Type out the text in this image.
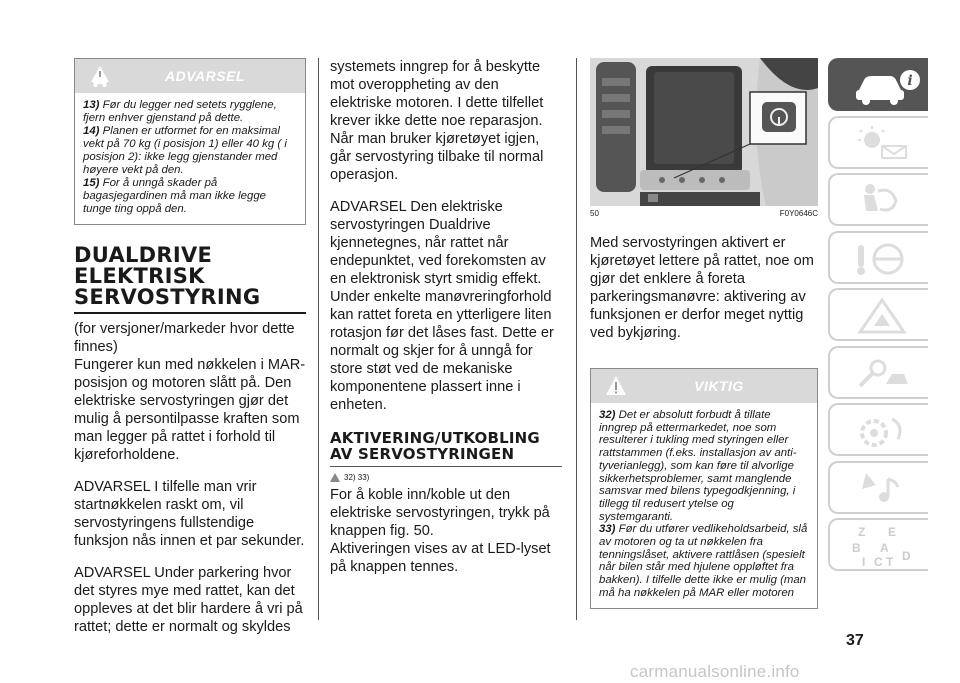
ADVARSEL
13) Før du legger ned setets rygglene, fjern enhver gjenstand på dette.
14) Planen er utformet for en maksimal vekt på 70 kg (i posisjon 1) eller 40 kg ( i posisjon 2): ikke legg gjenstander med høyere vekt på den.
15) For å unngå skader på bagasjegardinen må man ikke legge tunge ting oppå den.
DUALDRIVE
ELEKTRISK
SERVOSTYRING
(for versjoner/markeder hvor dette finnes)
Fungerer kun med nøkkelen i MAR-posisjon og motoren slått på. Den elektriske servostyringen gjør det mulig å persontilpasse kraften som man legger på rattet i forhold til kjøreforholdene.
ADVARSEL I tilfelle man vrir startnøkkelen raskt om, vil servostyringens fullstendige funksjon nås innen et par sekunder.
ADVARSEL Under parkering hvor det styres mye med rattet, kan det oppleves at det blir hardere å vri på rattet; dette er normalt og skyldes
systemets inngrep for å beskytte mot overoppheting av den elektriske motoren. I dette tilfellet krever ikke dette noe reparasjon. Når man bruker kjøretøyet igjen, går servostyring tilbake til normal operasjon.
ADVARSEL Den elektriske servostyringen Dualdrive kjennetegnes, når rattet når endepunktet, ved forekomsten av en elektronisk styrt smidig effekt. Under enkelte manøvreringforhold kan rattet foreta en ytterligere liten rotasjon før det låses fast. Dette er normalt og skjer for å unngå for store støt ved de mekaniske komponentene plassert inne i enheten.
AKTIVERING/UTKOBLING
AV SERVOSTYRINGEN
32) 33)
For å koble inn/koble ut den elektriske servostyringen, trykk på knappen fig. 50.
Aktiveringen vises av at LED-lyset på knappen tennes.
50	F0Y0646C
Med servostyringen aktivert er kjøretøyet lettere på rattet, noe om gjør det enklere å foreta parkeringsmanøvre: aktivering av funksjonen er derfor meget nyttig ved bykjøring.
VIKTIG
32) Det er absolutt forbudt å tillate inngrep på ettermarkedet, noe som resulterer i tukling med styringen eller rattstammen (f.eks. installasjon av anti-tyverianlegg), som kan føre til alvorlige sikkerhetsproblemer, samt manglende samsvar med bilens typegodkjenning, i tillegg til redusert ytelse og systemgaranti.
33) Før du utfører vedlikeholdsarbeid, slå av motoren og ta ut nøkkelen fra tenningslåset, aktivere rattlåsen (spesielt når bilen står med hjulene oppløftet fra bakken). I tilfelle dette ikke er mulig (man må ha nøkkelen på MAR eller motoren
i
Z E
B A
I C T D
37
carmanualsonline.info
